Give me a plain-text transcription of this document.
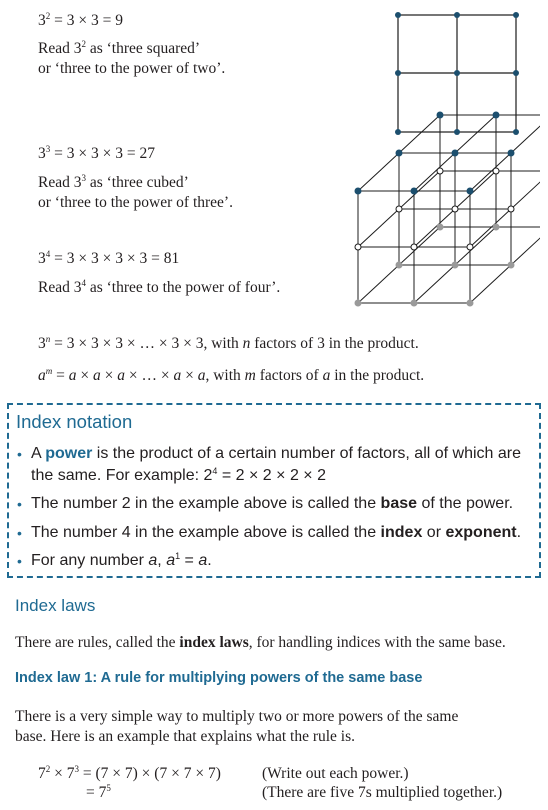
$3^2 = 3 \times 3 = 9$
Read $3^2$ as ‘three squared’
or ‘three to the power of two’.
$3^3 = 3 \times 3 \times 3 = 27$
Read $3^3$ as ‘three cubed’
or ‘three to the power of three’.
$3^4 = 3 \times 3 \times 3 \times 3 = 81$
Read $3^4$ as ‘three to the power of four’.
$3^n = 3 \times 3 \times 3$ × … × 3 × 3, with n factors of 3 in the product.
$a^m = a \times a \times a$ × … × a × a, with m factors of a in the product.
Index notation
• A power is the product of a certain number of factors, all of which are
the same. For example: $2^4 = 2 \times 2 \times 2 \times 2$
• The number 2 in the example above is called the base of the power.
• The number 4 in the example above is called the index or exponent.
• For any number a, $a^1 = a$.
Index laws
There are rules, called the index laws, for handling indices with the same base.
Index law 1: A rule for multiplying powers of the same base
There is a very simple way to multiply two or more powers of the same
base. Here is an example that explains what the rule is.
$7^2 \times 7^3 = (7 \times 7) \times (7 \times 7 \times 7)$	(Write out each power.)
= $7^5$	(There are five 7s multiplied together.)
